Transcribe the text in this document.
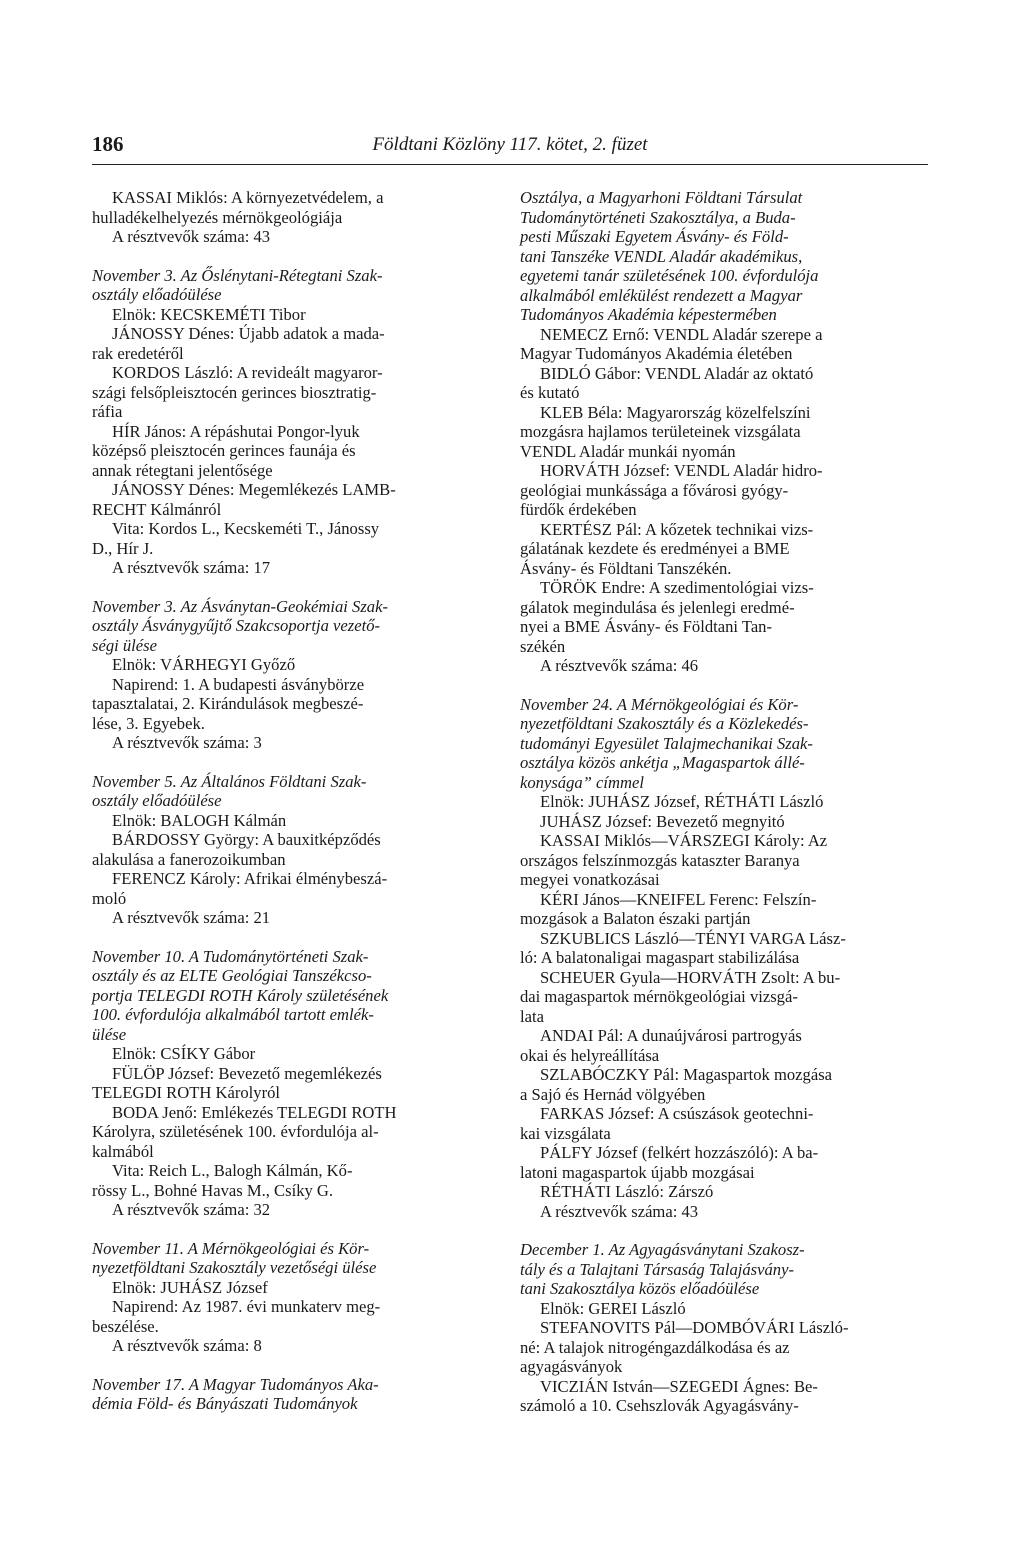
186	Földtani Közlöny 117. kötet, 2. füzet
KASSAI Miklós: A környezetvédelem, a
hulladékelhelyezés mérnökgeológiája
A résztvevők száma: 43
November 3. Az Őslénytani-Rétegtani Szak-
osztály előadóülése
Elnök: KECSKEMÉTI Tibor
JÁNOSSY Dénes: Újabb adatok a mada-
rak eredetéről
KORDOS László: A revideált magyaror-
szági felsőpleisztocén gerinces biosztratig-
ráfia
HÍR János: A répáshutai Pongor-lyuk
középső pleisztocén gerinces faunája és
annak rétegtani jelentősége
JÁNOSSY Dénes: Megemlékezés LAMB-
RECHT Kálmánról
Vita: Kordos L., Kecskeméti T., Jánossy
D., Hír J.
A résztvevők száma: 17
November 3. Az Ásványtan-Geokémiai Szak-
osztály Ásványgyűjtő Szakcsoportja vezető-
ségi ülése
Elnök: VÁRHEGYI Győző
Napirend: 1. A budapesti ásványbörze
tapasztalatai, 2. Kirándulások megbeszé-
lése, 3. Egyebek.
A résztvevők száma: 3
November 5. Az Általános Földtani Szak-
osztály előadóülése
Elnök: BALOGH Kálmán
BÁRDOSSY György: A bauxitképződés
alakulása a fanerozoikumban
FERENCZ Károly: Afrikai élménybeszá-
moló
A résztvevők száma: 21
November 10. A Tudománytörténeti Szak-
osztály és az ELTE Geológiai Tanszékcso-
portja TELEGDI ROTH Károly születésének
100. évfordulója alkalmából tartott emlék-
ülése
Elnök: CSÍKY Gábor
FÜLÖP József: Bevezető megemlékezés
TELEGDI ROTH Károlyról
BODA Jenő: Emlékezés TELEGDI ROTH
Károlyra, születésének 100. évfordulója al-
kalmából
Vita: Reich L., Balogh Kálmán, Kő-
rössy L., Bohné Havas M., Csíky G.
A résztvevők száma: 32
November 11. A Mérnökgeológiai és Kör-
nyezetföldtani Szakosztály vezetőségi ülése
Elnök: JUHÁSZ József
Napirend: Az 1987. évi munkaterv meg-
beszélése.
A résztvevők száma: 8
November 17. A Magyar Tudományos Aka-
démia Föld- és Bányászati Tudományok
Osztálya, a Magyarhoni Földtani Társulat
Tudománytörténeti Szakosztálya, a Buda-
pesti Műszaki Egyetem Ásvány- és Föld-
tani Tanszéke VENDL Aladár akadémikus,
egyetemi tanár születésének 100. évfordulója
alkalmából emlékülést rendezett a Magyar
Tudományos Akadémia képestermében
NEMECZ Ernő: VENDL Aladár szerepe a
Magyar Tudományos Akadémia életében
BIDLÓ Gábor: VENDL Aladár az oktató
és kutató
KLEB Béla: Magyarország közelfelszíni
mozgásra hajlamos területeinek vizsgálata
VENDL Aladár munkái nyomán
HORVÁTH József: VENDL Aladár hidro-
geológiai munkássága a fővárosi gyógy-
fürdők érdekében
KERTÉSZ Pál: A kőzetek technikai vizs-
gálatának kezdete és eredményei a BME
Ásvány- és Földtani Tanszékén.
TÖRÖK Endre: A szedimentológiai vizs-
gálatok megindulása és jelenlegi eredmé-
nyei a BME Ásvány- és Földtani Tan-
székén
A résztvevők száma: 46
November 24. A Mérnökgeológiai és Kör-
nyezetföldtani Szakosztály és a Közlekedés-
tudományi Egyesület Talajmechanikai Szak-
osztálya közös ankétja „Magaspartok állé-
konysága” címmel
Elnök: JUHÁSZ József, RÉTHÁTI László
JUHÁSZ József: Bevezető megnyitó
KASSAI Miklós—VÁRSZEGI Károly: Az
országos felszínmozgás kataszter Baranya
megyei vonatkozásai
KÉRI János—KNEIFEL Ferenc: Felszín-
mozgások a Balaton északi partján
SZKUBLICS László—TÉNYI VARGA Lász-
ló: A balatonaligai magaspart stabilizálása
SCHEUER Gyula—HORVÁTH Zsolt: A bu-
dai magaspartok mérnökgeológiai vizsgá-
lata
ANDAI Pál: A dunaújvárosi partrogyás
okai és helyreállítása
SZLABÓCZKY Pál: Magaspartok mozgása
a Sajó és Hernád völgyében
FARKAS József: A csúszások geotechni-
kai vizsgálata
PÁLFY József (felkért hozzászóló): A ba-
latoni magaspartok újabb mozgásai
RÉTHÁTI László: Zárszó
A résztvevők száma: 43
December 1. Az Agyagásványtani Szakosz-
tály és a Talajtani Társaság Talajásvány-
tani Szakosztálya közös előadóülése
Elnök: GEREI László
STEFANOVITS Pál—DOMBÓVÁRI László-
né: A talajok nitrogéngazdálkodása és az
agyagásványok
VICZIÁN István—SZEGEDI Ágnes: Be-
számoló a 10. Csehszlovák Agyagásvány-
